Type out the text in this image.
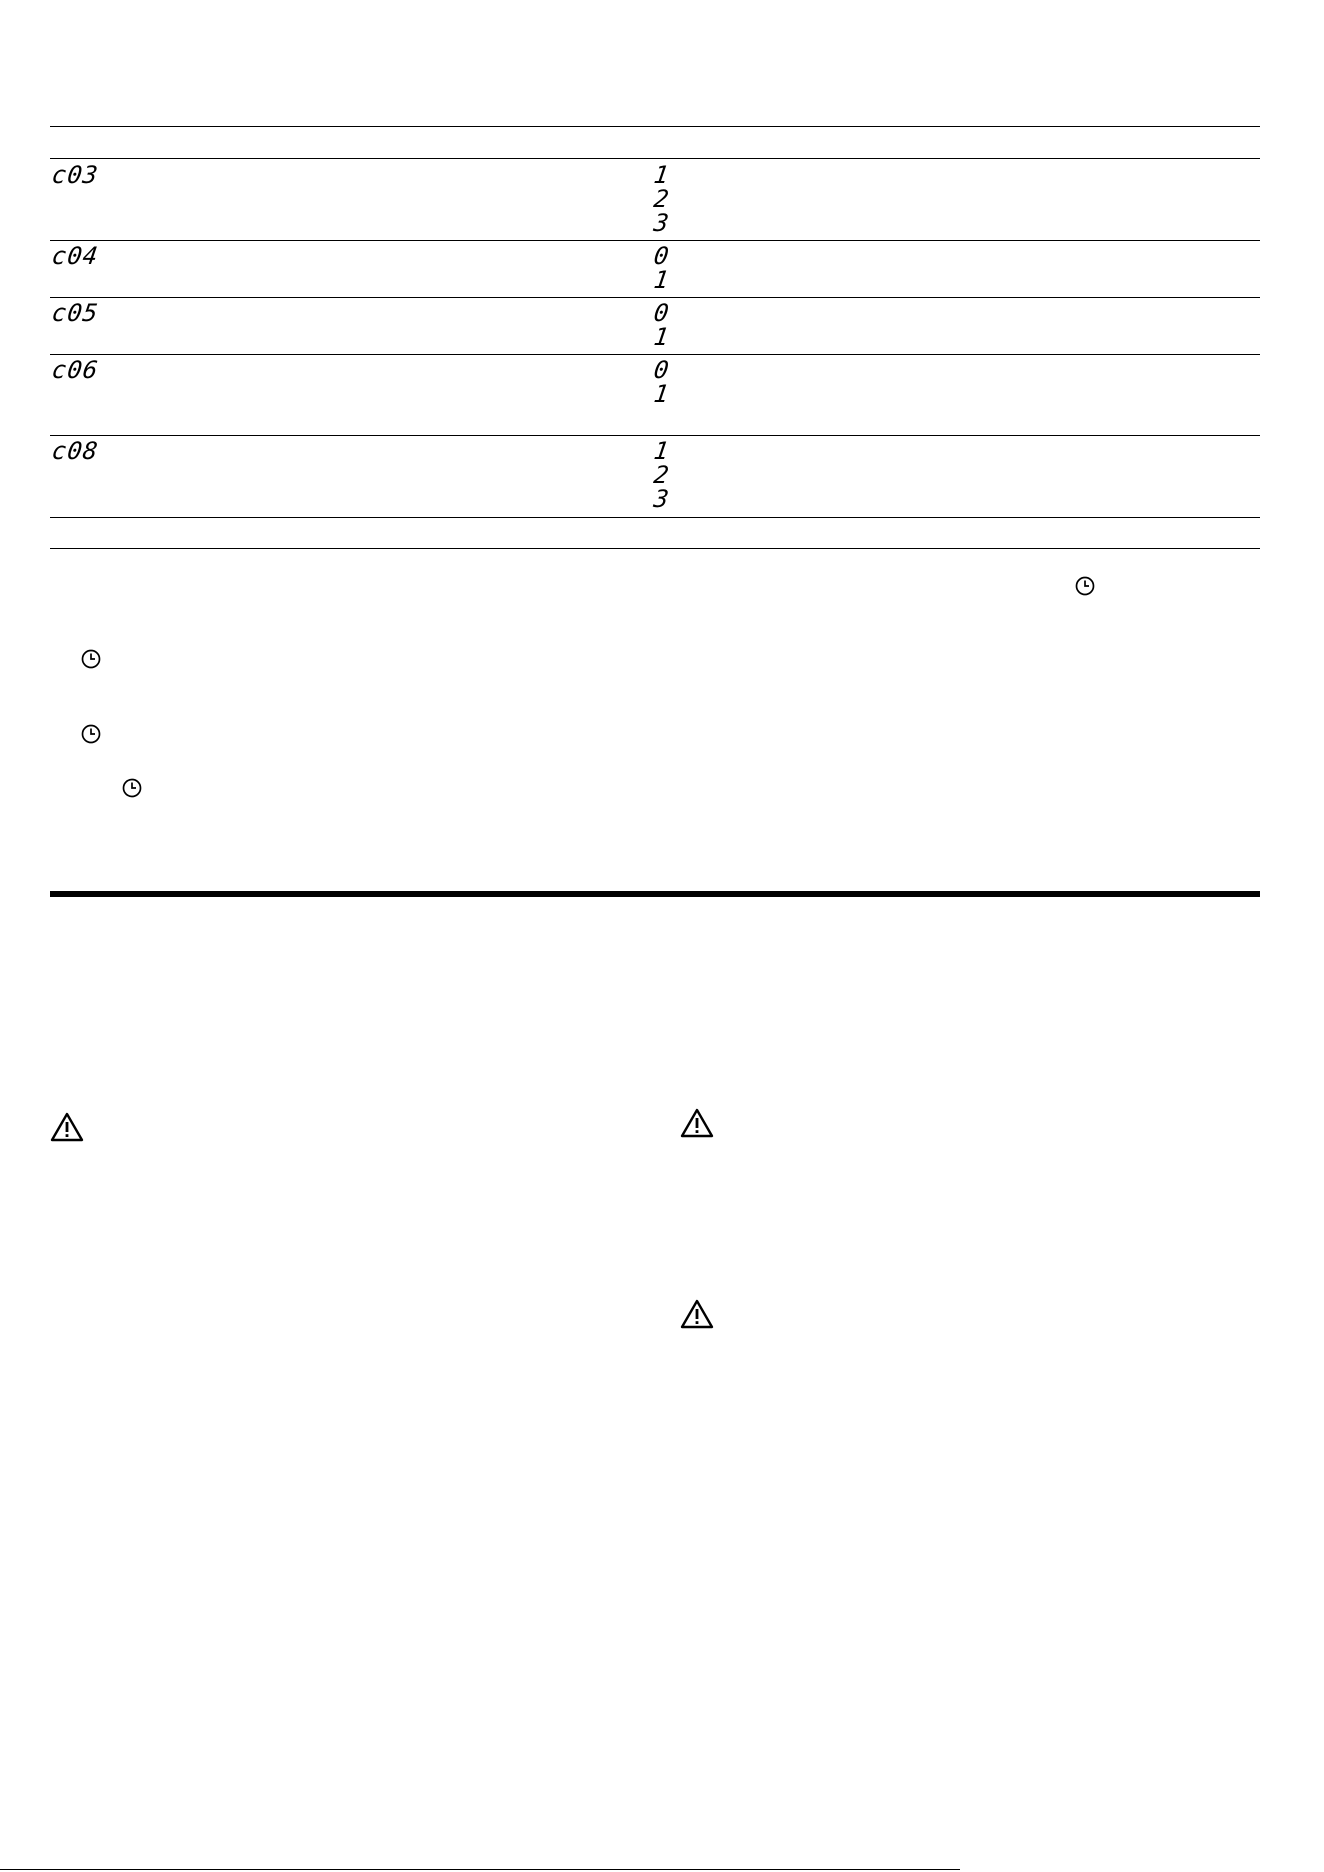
c03	1
2
3
c04	0
1
c05	0
1
c06	0
1
c08	1
2
3
